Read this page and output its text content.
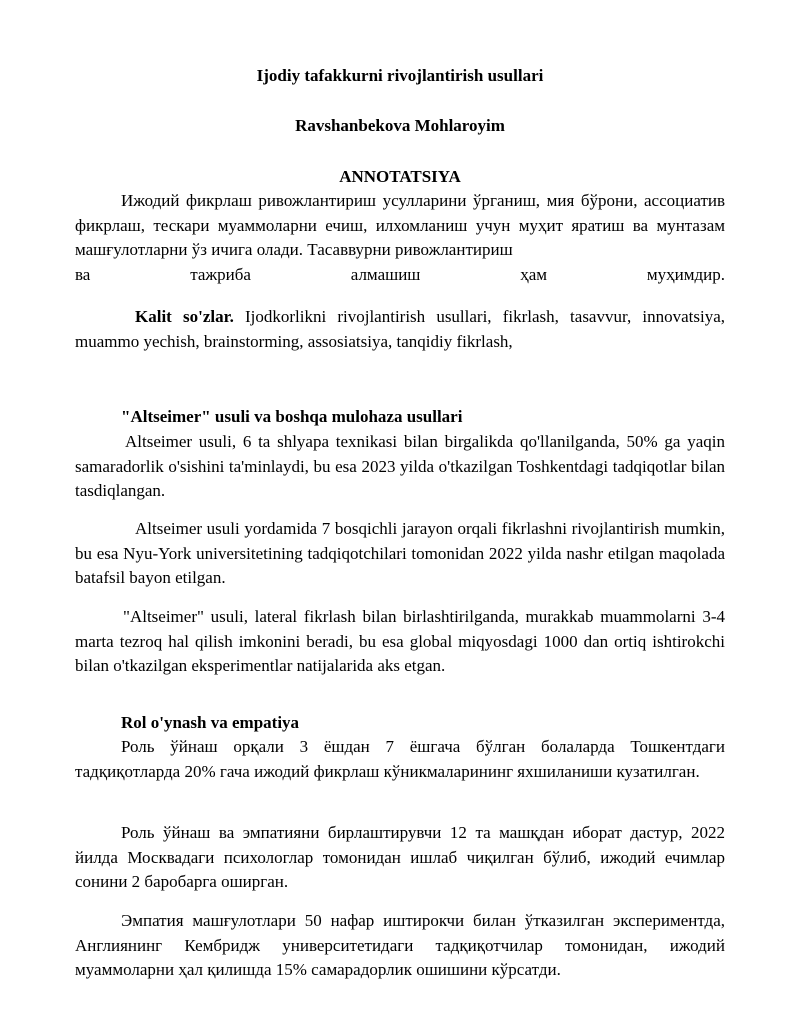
Ijodiy tafakkurni rivojlantirish usullari

Ravshanbekova Mohlaroyim

ANNOTATSIYA

Ижодий фикрлаш ривожлантириш усулларини ўрганиш, мия бўрони, ассоциатив фикрлаш, тескари муаммоларни ечиш, илхомланиш учун муҳит яратиш ва мунтазам машғулотларни ўз ичига олади. Тасаввурни ривожлантириш

ва тажриба алмашиш ҳам муҳимдир.

Kalit so'zlar. Ijodkorlikni rivojlantirish usullari, fikrlash, tasavvur, innovatsiya, muammo yechish, brainstorming, assosiatsiya, tanqidiy fikrlash,

"Altseimer" usuli va boshqa mulohaza usullari

Altseimer usuli, 6 ta shlyapa texnikasi bilan birgalikda qo'llanilganda, 50% ga yaqin samaradorlik o'sishini ta'minlaydi, bu esa 2023 yilda o'tkazilgan Toshkentdagi tadqiqotlar bilan tasdiqlangan.

Altseimer usuli yordamida 7 bosqichli jarayon orqali fikrlashni rivojlantirish mumkin, bu esa Nyu-York universitetining tadqiqotchilari tomonidan 2022 yilda nashr etilgan maqolada batafsil bayon etilgan.

"Altseimer" usuli, lateral fikrlash bilan birlashtirilganda, murakkab muammolarni 3-4 marta tezroq hal qilish imkonini beradi, bu esa global miqyosdagi 1000 dan ortiq ishtirokchi bilan o'tkazilgan eksperimentlar natijalarida aks etgan.

Rol o'ynash va empatiya

Роль ўйнаш орқали 3 ёшдан 7 ёшгача бўлган болаларда Тошкентдаги тадқиқотларда 20% гача ижодий фикрлаш кўникмаларининг яхшиланиши кузатилган.

Роль ўйнаш ва эмпатияни бирлаштирувчи 12 та машқдан иборат дастур, 2022 йилда Москвадаги психологлар томонидан ишлаб чиқилган бўлиб, ижодий ечимлар сонини 2 баробарга оширган.

Эмпатия машғулотлари 50 нафар иштирокчи билан ўтказилган экспериментда, Англиянинг Кембридж университетидаги тадқиқотчилар томонидан, ижодий муаммоларни ҳал қилишда 15% самарадорлик ошишини кўрсатди.
